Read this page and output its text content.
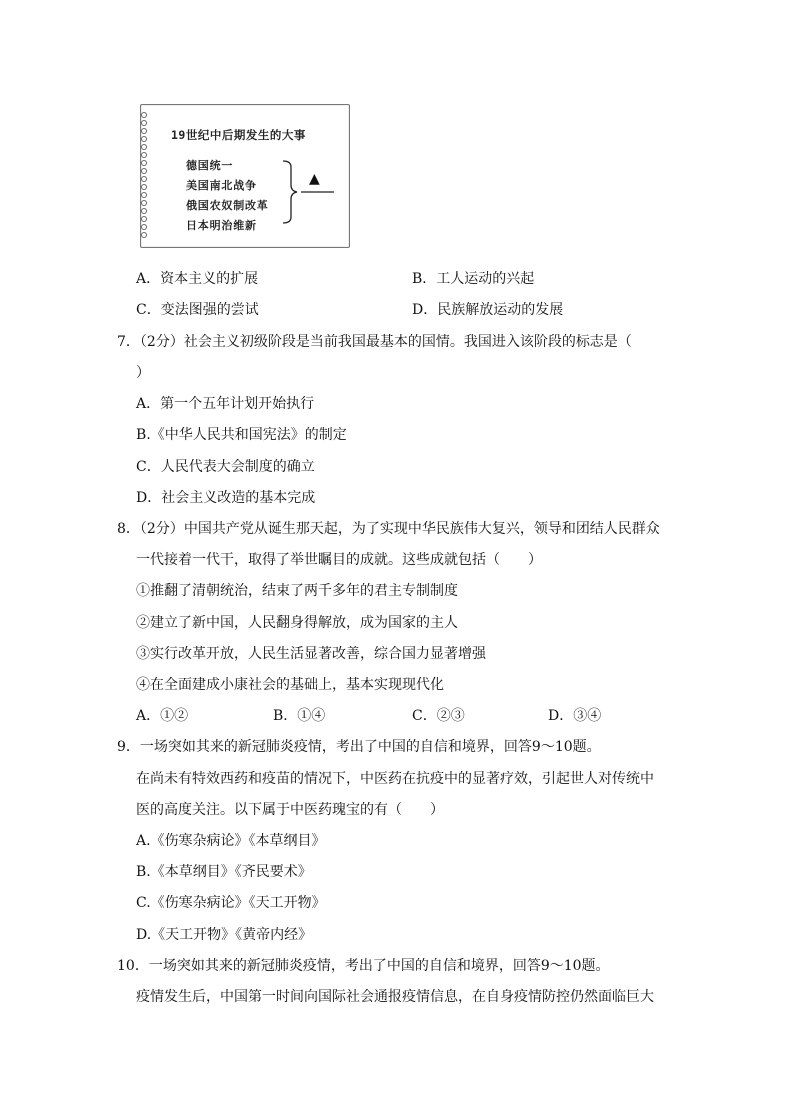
19世纪中后期发生的大事
德国统一
美国南北战争
俄国农奴制改革
日本明治维新
▲
A．资本主义的扩展	B．工人运动的兴起
C．变法图强的尝试	D．民族解放运动的发展
7．（2分）社会主义初级阶段是当前我国最基本的国情。我国进入该阶段的标志是（
）
A．第一个五年计划开始执行
B.《中华人民共和国宪法》的制定
C．人民代表大会制度的确立
D．社会主义改造的基本完成
8．（2分）中国共产党从诞生那天起，为了实现中华民族伟大复兴，领导和团结人民群众
一代接着一代干，取得了举世瞩目的成就。这些成就包括（　　）
①推翻了清朝统治，结束了两千多年的君主专制制度
②建立了新中国，人民翻身得解放，成为国家的主人
③实行改革开放，人民生活显著改善，综合国力显著增强
④在全面建成小康社会的基础上，基本实现现代化
A．①②	B．①④	C．②③	D．③④
9．一场突如其来的新冠肺炎疫情，考出了中国的自信和境界，回答9～10题。
在尚未有特效西药和疫苗的情况下，中医药在抗疫中的显著疗效，引起世人对传统中
医的高度关注。以下属于中医药瑰宝的有（　　）
A.《伤寒杂病论》《本草纲目》
B.《本草纲目》《齐民要术》
C.《伤寒杂病论》《天工开物》
D.《天工开物》《黄帝内经》
10．一场突如其来的新冠肺炎疫情，考出了中国的自信和境界，回答9～10题。
疫情发生后，中国第一时间向国际社会通报疫情信息，在自身疫情防控仍然面临巨大
